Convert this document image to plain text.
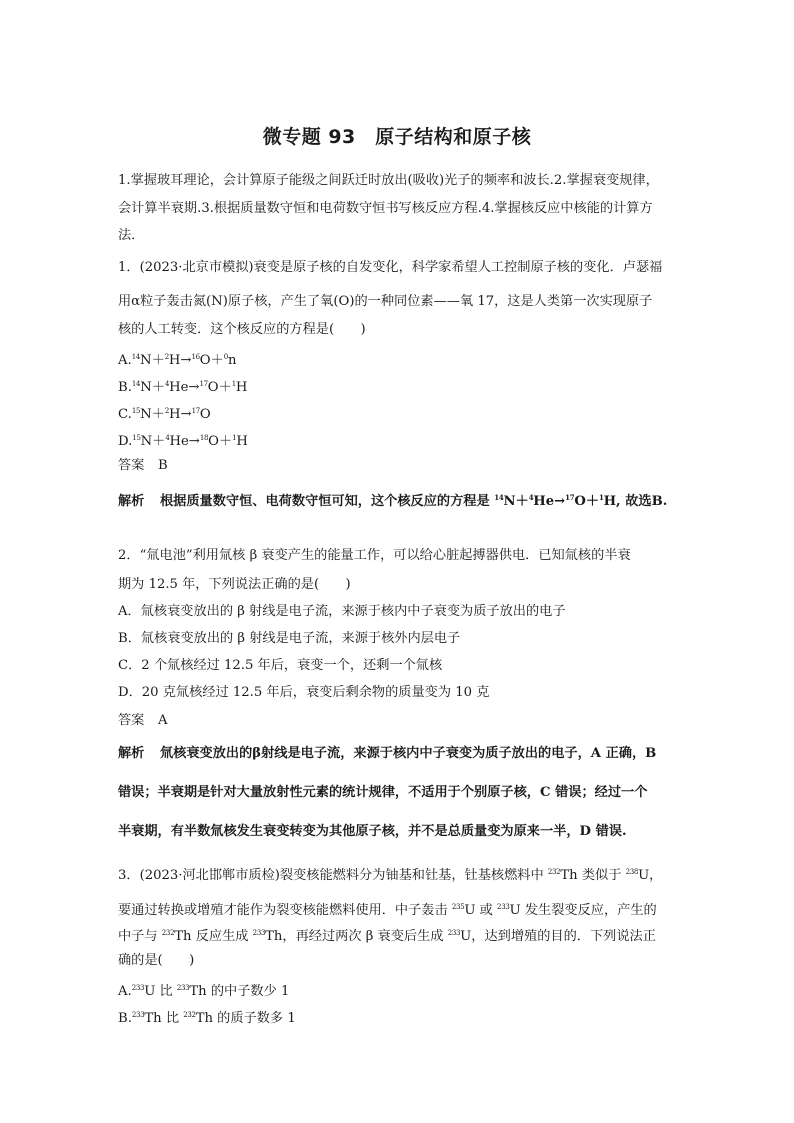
微专题 93　原子结构和原子核
1.掌握玻耳理论，会计算原子能级之间跃迁时放出(吸收)光子的频率和波长.2.掌握衰变规律，
会计算半衰期.3.根据质量数守恒和电荷数守恒书写核反应方程.4.掌握核反应中核能的计算方
法．
1．(2023·北京市模拟)衰变是原子核的自发变化，科学家希望人工控制原子核的变化．卢瑟福
用α粒子轰击氮(N)原子核，产生了氧(O)的一种同位素——氧 17，这是人类第一次实现原子
核的人工转变．这个核反应的方程是(　　)
A.$^{14}$N＋$^2$H→$^{16}$O＋$^0$n
B.$^{14}$N＋$^4$He→$^{17}$O＋$^1$H
C.$^{15}$N＋$^2$H→$^{17}$O
D.$^{15}$N＋$^4$He→$^{18}$O＋$^1$H
答案 B
解析 根据质量数守恒、电荷数守恒可知，这个核反应的方程是 $^{14}$N＋$^4$He→$^{17}$O＋$^1$H, 故选B.
2．“氚电池”利用氚核 β 衰变产生的能量工作，可以给心脏起搏器供电．已知氚核的半衰
期为 12.5 年，下列说法正确的是(　　)
A．氚核衰变放出的 β 射线是电子流，来源于核内中子衰变为质子放出的电子
B．氚核衰变放出的 β 射线是电子流，来源于核外内层电子
C．2 个氚核经过 12.5 年后，衰变一个，还剩一个氚核
D．20 克氚核经过 12.5 年后，衰变后剩余物的质量变为 10 克
答案 A
解析 氚核衰变放出的β射线是电子流，来源于核内中子衰变为质子放出的电子，A 正确，B
错误；半衰期是针对大量放射性元素的统计规律，不适用于个别原子核，C 错误；经过一个
半衰期，有半数氚核发生衰变转变为其他原子核，并不是总质量变为原来一半，D 错误.
3．(2023·河北邯郸市质检)裂变核能燃料分为铀基和钍基，钍基核燃料中 $^{232}$Th 类似于 $^{238}$U，
要通过转换或增殖才能作为裂变核能燃料使用．中子轰击 $^{235}$U 或 $^{233}$U 发生裂变反应，产生的
中子与 $^{232}$Th 反应生成 $^{233}$Th，再经过两次 β 衰变后生成 $^{233}$U，达到增殖的目的．下列说法正
确的是(　　)
A.$^{233}$U 比 $^{233}$Th 的中子数少 1
B.$^{233}$Th 比 $^{232}$Th 的质子数多 1
